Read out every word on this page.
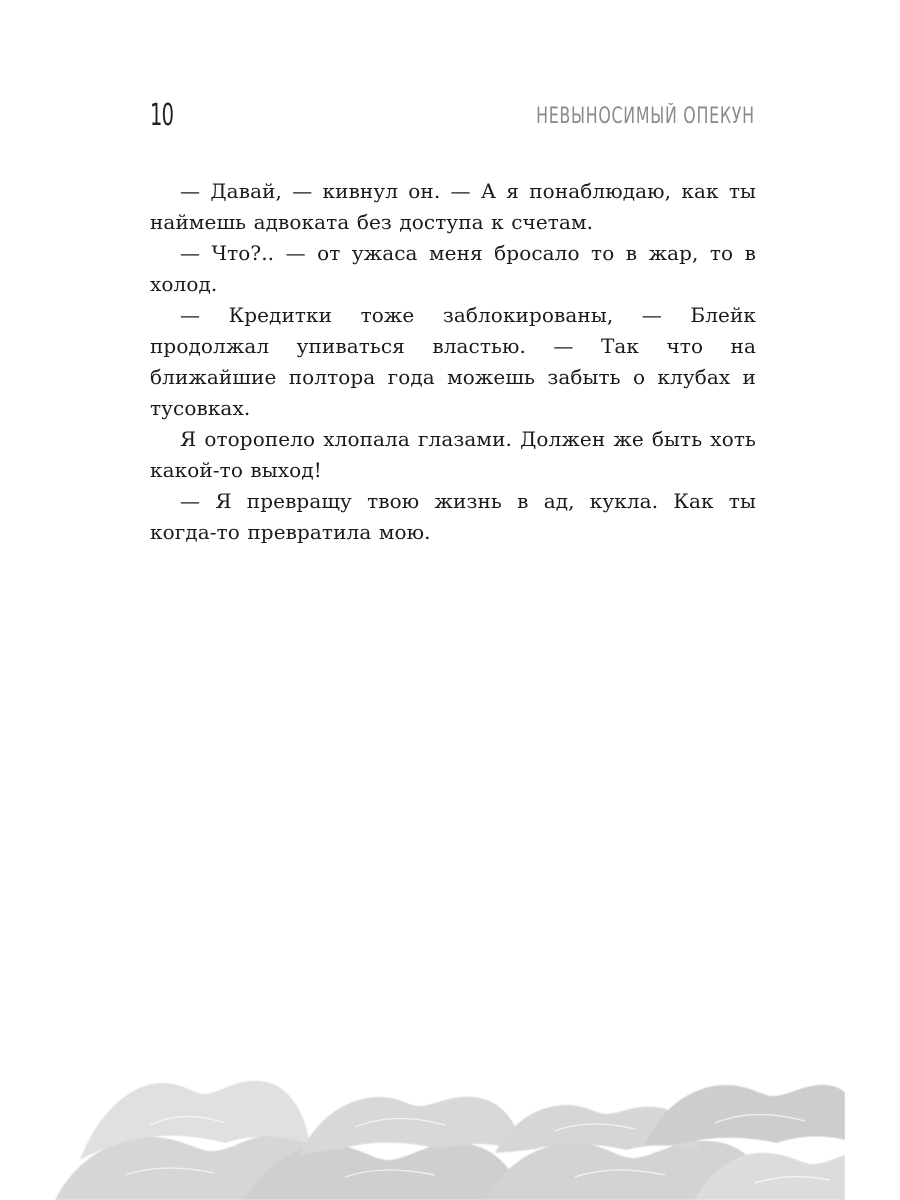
10	НЕВЫНОСИМЫЙ ОПЕКУН

— Давай, — кивнул он. — А я понаблюдаю, как ты наймешь адвоката без доступа к счетам.

— Что?.. — от ужаса меня бросало то в жар, то в холод.

— Кредитки тоже заблокированы, — Блейк продолжал упиваться властью. — Так что на ближайшие полтора года можешь забыть о клубах и тусовках.

Я оторопело хлопала глазами. Должен же быть хоть какой-то выход!

— Я превращу твою жизнь в ад, кукла. Как ты когда-то превратила мою.
